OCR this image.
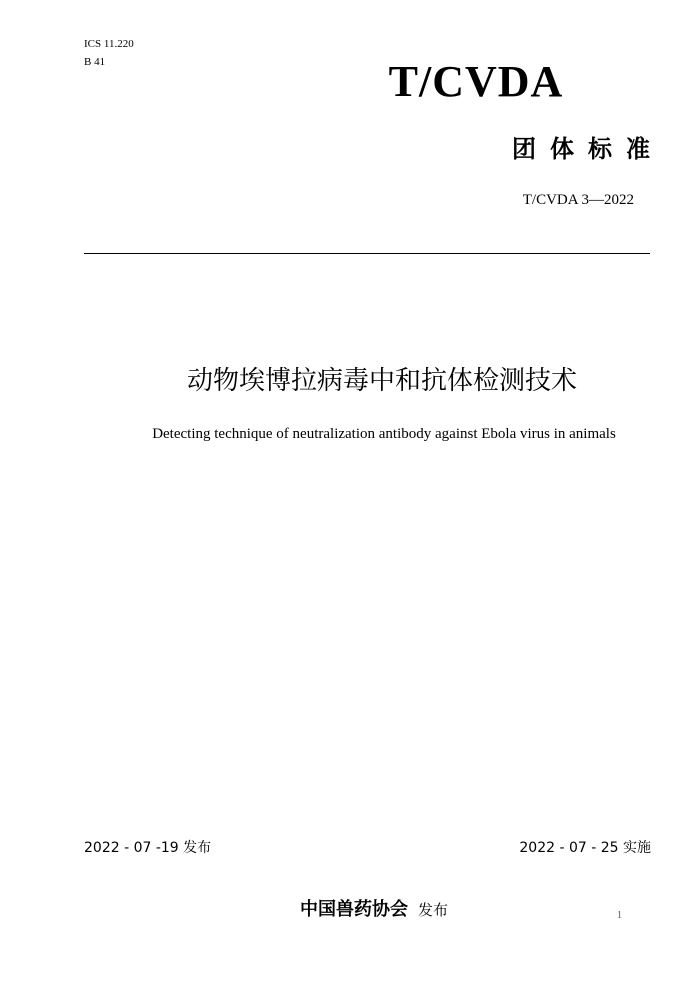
ICS 11.220
B 41	T/CVDA
团体标准
T/CVDA 3—2022
动物埃博拉病毒中和抗体检测技术
Detecting technique of neutralization antibody against Ebola virus in animals
2022 - 07 -19 发布	2022 - 07 - 25 实施
中国兽药协会 发布	1
